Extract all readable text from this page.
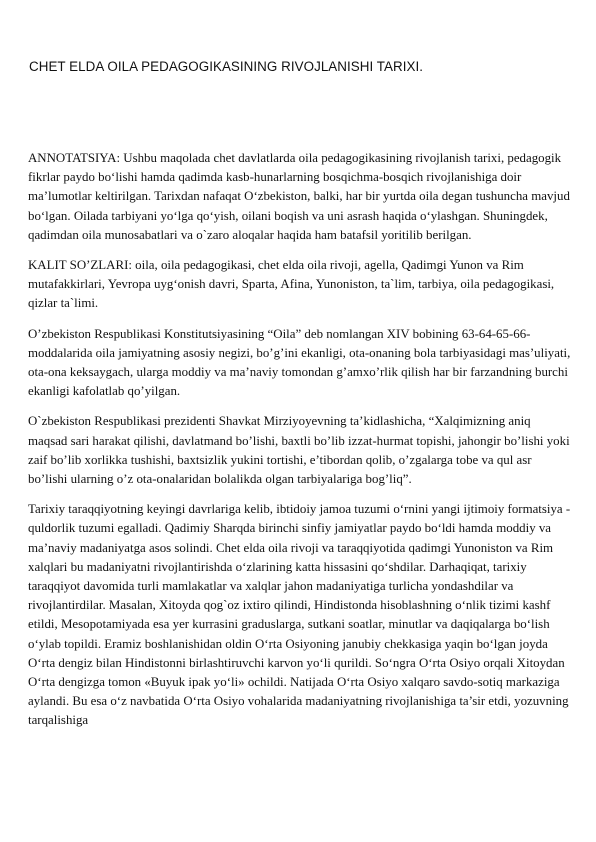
CHET ELDA OILA PEDAGOGIKASINING RIVOJLANISHI TARIXI.

ANNOTATSIYA: Ushbu maqolada chet davlatlarda oila pedagogikasining rivojlanish tarixi, pedagogik fikrlar paydo bo‘lishi hamda qadimda kasb-hunarlarning bosqichma-bosqich rivojlanishiga doir ma’lumotlar keltirilgan. Tarixdan nafaqat O‘zbekiston, balki, har bir yurtda oila degan tushuncha mavjud bo‘lgan. Oilada tarbiyani yo‘lga qo‘yish, oilani boqish va uni asrash haqida o‘ylashgan. Shuningdek, qadimdan oila munosabatlari va o`zaro aloqalar haqida ham batafsil yoritilib berilgan.

KALIT SO’ZLARI: oila, oila pedagogikasi, chet elda oila rivoji, agella, Qadimgi Yunon va Rim mutafakkirlari, Yevropa uyg‘onish davri, Sparta, Afina, Yunoniston, ta`lim, tarbiya, oila pedagogikasi, qizlar ta`limi.

O’zbekiston Respublikasi Konstitutsiyasining “Oila” deb nomlangan XIV bobining 63-64-65-66-moddalarida oila jamiyatning asosiy negizi, bo’g’ini ekanligi, ota-onaning bola tarbiyasidagi mas’uliyati, ota-ona keksaygach, ularga moddiy va ma’naviy tomondan g’amxo’rlik qilish har bir farzandning burchi ekanligi kafolatlab qo’yilgan.

O`zbekiston Respublikasi prezidenti Shavkat Mirziyoyevning ta’kidlashicha, “Xalqimizning aniq maqsad sari harakat qilishi, davlatmand bo’lishi, baxtli bo’lib izzat-hurmat topishi, jahongir bo’lishi yoki zaif bo’lib xorlikka tushishi, baxtsizlik yukini tortishi, e’tibordan qolib, o’zgalarga tobe va qul asr bo’lishi ularning o’z ota-onalaridan bolalikda olgan tarbiyalariga bog’liq”.

Tarixiy taraqqiyotning keyingi davrlariga kelib, ibtidoiy jamoa tuzumi o‘rnini yangi ijtimoiy formatsiya - quldorlik tuzumi egalladi. Qadimiy Sharqda birinchi sinfiy jamiyatlar paydo bo‘ldi hamda moddiy va ma’naviy madaniyatga asos solindi. Chet elda oila rivoji va taraqqiyotida qadimgi Yunoniston va Rim xalqlari bu madaniyatni rivojlantirishda o‘zlarining katta hissasini qo‘shdilar. Darhaqiqat, tarixiy taraqqiyot davomida turli mamlakatlar va xalqlar jahon madaniyatiga turlicha yondashdilar va rivojlantirdilar. Masalan, Xitoyda qog`oz ixtiro qilindi, Hindistonda hisoblashning o‘nlik tizimi kashf etildi, Mesopotamiyada esa yer kurrasini graduslarga, sutkani soatlar, minutlar va daqiqalarga bo‘lish o‘ylab topildi. Eramiz boshlanishidan oldin O‘rta Osiyoning janubiy chekkasiga yaqin bo‘lgan joyda O‘rta dengiz bilan Hindistonni birlashtiruvchi karvon yo‘li qurildi. So‘ngra O‘rta Osiyo orqali Xitoydan O‘rta dengizga tomon «Buyuk ipak yo‘li» ochildi. Natijada O‘rta Osiyo xalqaro savdo-sotiq markaziga aylandi. Bu esa o‘z navbatida O‘rta Osiyo vohalarida madaniyatning rivojlanishiga ta’sir etdi, yozuvning tarqalishiga
